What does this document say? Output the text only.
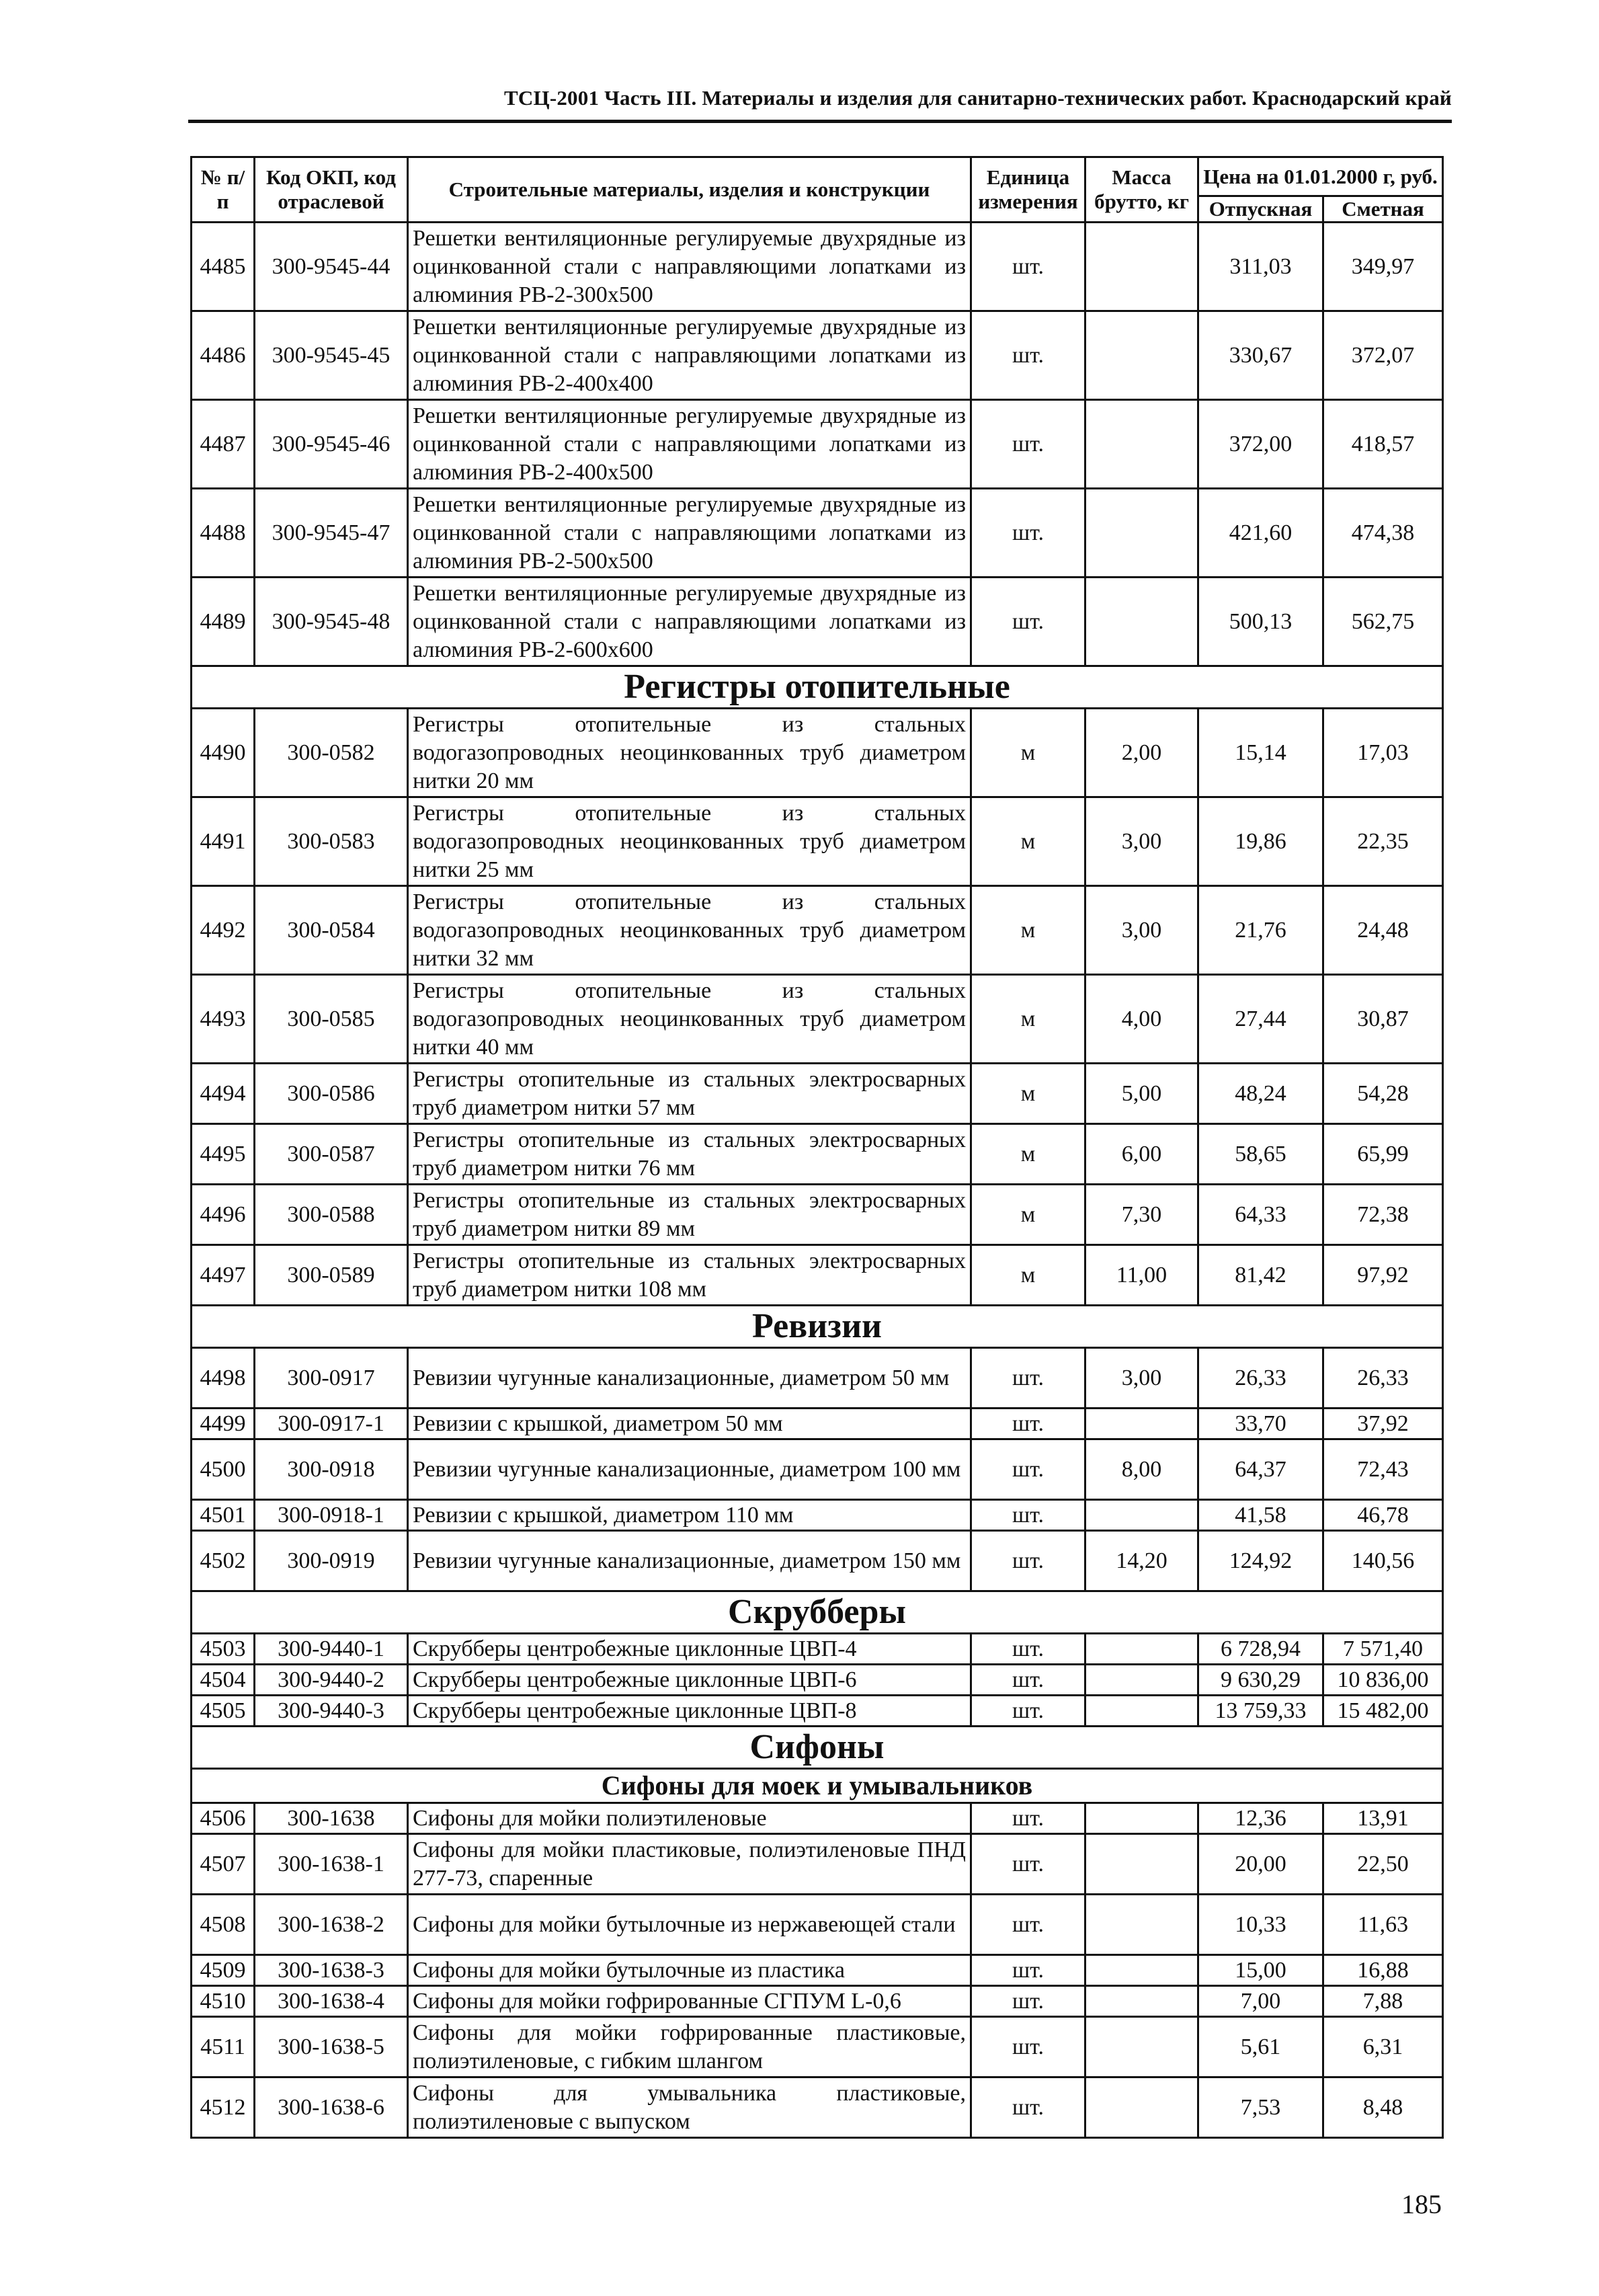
ТСЦ-2001 Часть III. Материалы и изделия для санитарно-технических работ. Краснодарский край
№ п/п	Код ОКП, код отраслевой	Строительные материалы, изделия и конструкции	Единица измерения	Масса брутто, кг	Цена на 01.01.2000 г, руб.	
					Отпускная	Сметная
4485	300-9545-44	Решетки вентиляционные регулируемые двухрядные из оцинкованной стали с направляющими лопатками из алюминия РВ-2-300х500	шт.		311,03	349,97
4486	300-9545-45	Решетки вентиляционные регулируемые двухрядные из оцинкованной стали с направляющими лопатками из алюминия РВ-2-400х400	шт.		330,67	372,07
4487	300-9545-46	Решетки вентиляционные регулируемые двухрядные из оцинкованной стали с направляющими лопатками из алюминия РВ-2-400х500	шт.		372,00	418,57
4488	300-9545-47	Решетки вентиляционные регулируемые двухрядные из оцинкованной стали с направляющими лопатками из алюминия РВ-2-500х500	шт.		421,60	474,38
4489	300-9545-48	Решетки вентиляционные регулируемые двухрядные из оцинкованной стали с направляющими лопатками из алюминия РВ-2-600х600	шт.		500,13	562,75
Регистры отопительные						
4490	300-0582	Регистры отопительные из стальных водогазопроводных неоцинкованных труб диаметром нитки 20 мм	м	2,00	15,14	17,03
4491	300-0583	Регистры отопительные из стальных водогазопроводных неоцинкованных труб диаметром нитки 25 мм	м	3,00	19,86	22,35
4492	300-0584	Регистры отопительные из стальных водогазопроводных неоцинкованных труб диаметром нитки 32 мм	м	3,00	21,76	24,48
4493	300-0585	Регистры отопительные из стальных водогазопроводных неоцинкованных труб диаметром нитки 40 мм	м	4,00	27,44	30,87
4494	300-0586	Регистры отопительные из стальных электросварных труб диаметром нитки 57 мм	м	5,00	48,24	54,28
4495	300-0587	Регистры отопительные из стальных электросварных труб диаметром нитки 76 мм	м	6,00	58,65	65,99
4496	300-0588	Регистры отопительные из стальных электросварных труб диаметром нитки 89 мм	м	7,30	64,33	72,38
4497	300-0589	Регистры отопительные из стальных электросварных труб диаметром нитки 108 мм	м	11,00	81,42	97,92
Ревизии						
4498	300-0917	Ревизии чугунные канализационные, диаметром 50 мм	шт.	3,00	26,33	26,33
4499	300-0917-1	Ревизии с крышкой, диаметром 50 мм	шт.		33,70	37,92
4500	300-0918	Ревизии чугунные канализационные, диаметром 100 мм	шт.	8,00	64,37	72,43
4501	300-0918-1	Ревизии с крышкой, диаметром 110 мм	шт.		41,58	46,78
4502	300-0919	Ревизии чугунные канализационные, диаметром 150 мм	шт.	14,20	124,92	140,56
Скрубберы						
4503	300-9440-1	Скрубберы центробежные циклонные ЦВП-4	шт.		6 728,94	7 571,40
4504	300-9440-2	Скрубберы центробежные циклонные ЦВП-6	шт.		9 630,29	10 836,00
4505	300-9440-3	Скрубберы центробежные циклонные ЦВП-8	шт.		13 759,33	15 482,00
Сифоны						
Сифоны для моек и умывальников						
4506	300-1638	Сифоны для мойки полиэтиленовые	шт.		12,36	13,91
4507	300-1638-1	Сифоны для мойки пластиковые, полиэтиленовые ПНД 277-73, спаренные	шт.		20,00	22,50
4508	300-1638-2	Сифоны для мойки бутылочные из нержавеющей стали	шт.		10,33	11,63
4509	300-1638-3	Сифоны для мойки бутылочные из пластика	шт.		15,00	16,88
4510	300-1638-4	Сифоны для мойки гофрированные СГПУМ L-0,6	шт.		7,00	7,88
4511	300-1638-5	Сифоны для мойки гофрированные пластиковые, полиэтиленовые, с гибким шлангом	шт.		5,61	6,31
4512	300-1638-6	Сифоны для умывальника пластиковые, полиэтиленовые с выпуском	шт.		7,53	8,48
185
